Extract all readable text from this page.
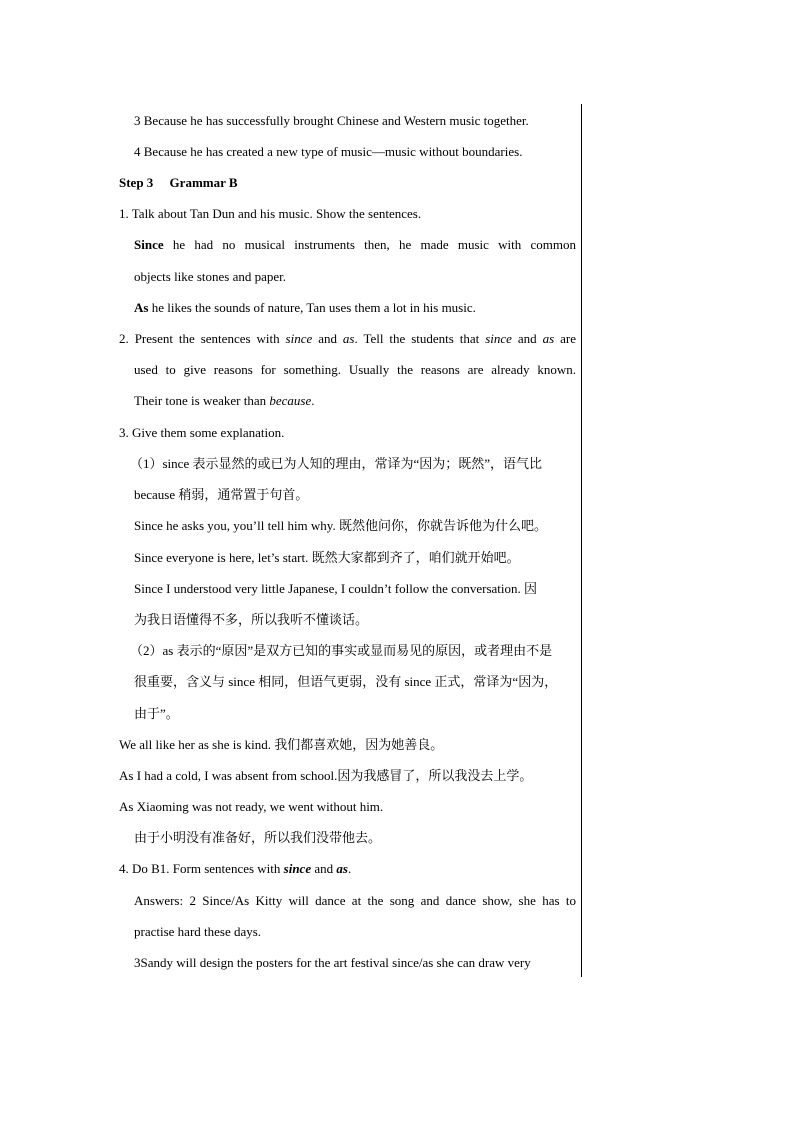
3 Because he has successfully brought Chinese and Western music together.
4 Because he has created a new type of music—music without boundaries.
Step 3  Grammar B
1. Talk about Tan Dun and his music. Show the sentences.
Since he had no musical instruments then, he made music with common
objects like stones and paper.
As he likes the sounds of nature, Tan uses them a lot in his music.
2. Present the sentences with since and as. Tell the students that since and as are
used to give reasons for something. Usually the reasons are already known.
Their tone is weaker than because.
3. Give them some explanation.
（1）since 表示显然的或已为人知的理由，常译为“因为；既然”，语气比
because 稍弱，通常置于句首。
Since he asks you, you’ll tell him why. 既然他问你，你就告诉他为什么吧。
Since everyone is here, let’s start. 既然大家都到齐了，咱们就开始吧。
Since I understood very little Japanese, I couldn’t follow the conversation. 因
为我日语懂得不多，所以我听不懂谈话。
（2）as 表示的“原因”是双方已知的事实或显而易见的原因，或者理由不是
很重要，含义与 since 相同，但语气更弱，没有 since 正式，常译为“因为，
由于”。
We all like her as she is kind. 我们都喜欢她，因为她善良。
As I had a cold, I was absent from school.因为我感冒了，所以我没去上学。
As Xiaoming was not ready, we went without him.
由于小明没有准备好，所以我们没带他去。
4. Do B1. Form sentences with since and as.
Answers: 2 Since/As Kitty will dance at the song and dance show, she has to
practise hard these days.
3Sandy will design the posters for the art festival since/as she can draw very
